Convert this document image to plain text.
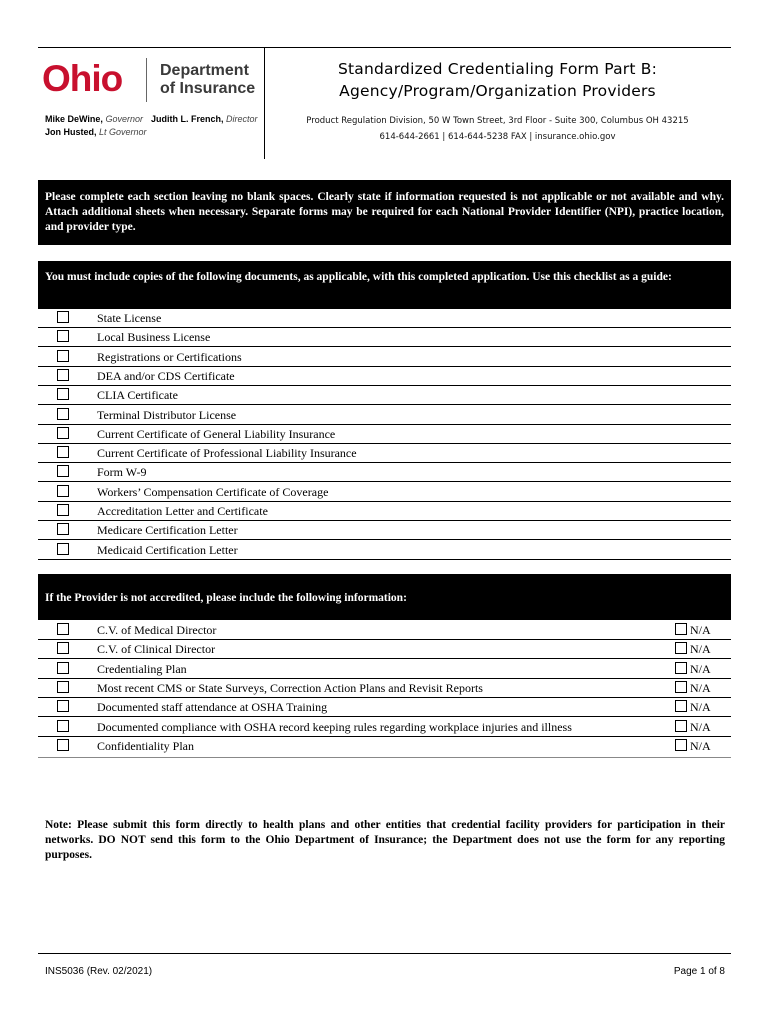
Ohio Department
of Insurance
Mike DeWine, Governor
Jon Husted, Lt Governor
Judith L. French, Director
Standardized Credentialing Form Part B:
Agency/Program/Organization Providers
Product Regulation Division, 50 W Town Street, 3rd Floor - Suite 300, Columbus OH 43215
614-644-2661 | 614-644-5238 FAX | insurance.ohio.gov
Please complete each section leaving no blank spaces. Clearly state if information requested is not applicable or not available and why. Attach additional sheets when necessary. Separate forms may be required for each National Provider Identifier (NPI), practice location, and provider type.
You must include copies of the following documents, as applicable, with this completed application. Use this checklist as a guide:
State License
Local Business License
Registrations or Certifications
DEA and/or CDS Certificate
CLIA Certificate
Terminal Distributor License
Current Certificate of General Liability Insurance
Current Certificate of Professional Liability Insurance
Form W-9
Workers’ Compensation Certificate of Coverage
Accreditation Letter and Certificate
Medicare Certification Letter
Medicaid Certification Letter
If the Provider is not accredited, please include the following information:
C.V. of Medical Director	N/A
C.V. of Clinical Director	N/A
Credentialing Plan	N/A
Most recent CMS or State Surveys, Correction Action Plans and Revisit Reports	N/A
Documented staff attendance at OSHA Training	N/A
Documented compliance with OSHA record keeping rules regarding workplace injuries and illness	N/A
Confidentiality Plan	N/A
Note: Please submit this form directly to health plans and other entities that credential facility providers for participation in their networks. DO NOT send this form to the Ohio Department of Insurance; the Department does not use the form for any reporting purposes.
INS5036 (Rev. 02/2021)	Page 1 of 8
